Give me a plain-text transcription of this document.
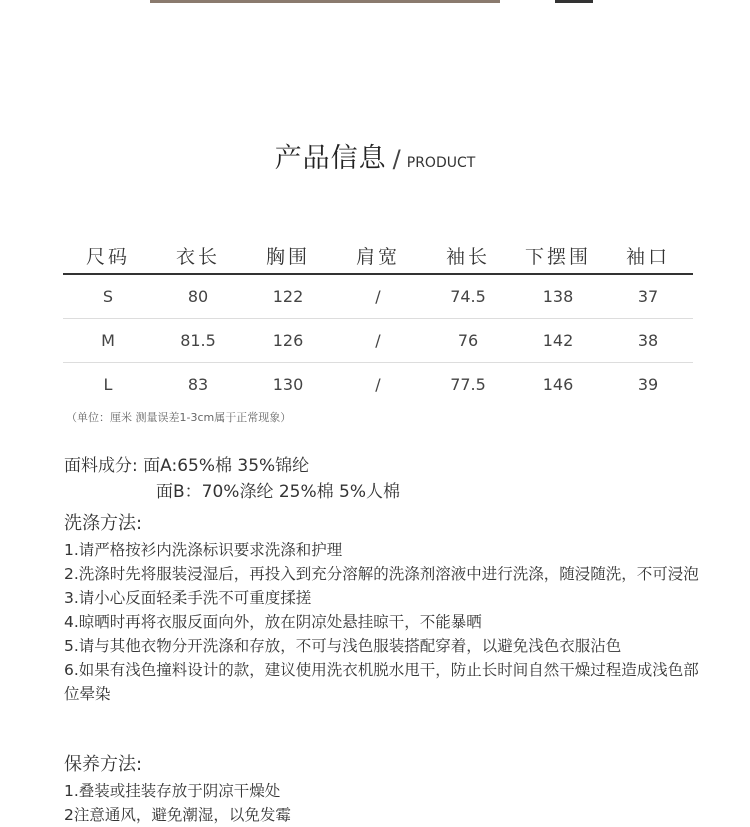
产品信息 / PRODUCT
尺码	衣长	胸围	肩宽	袖长	下摆围	袖口
S	80	122	/	74.5	138	37
M	81.5	126	/	76	142	38
L	83	130	/	77.5	146	39
（单位：厘米 测量误差1-3cm属于正常现象）
面料成分: 面A:65%棉 35%锦纶
面B：70%涤纶 25%棉 5%人棉
洗涤方法:
1.请严格按衫内洗涤标识要求洗涤和护理
2.洗涤时先将服装浸湿后，再投入到充分溶解的洗涤剂溶液中进行洗涤，随浸随洗，不可浸泡
3.请小心反面轻柔手洗不可重度揉搓
4.晾晒时再将衣服反面向外，放在阴凉处悬挂晾干，不能暴晒
5.请与其他衣物分开洗涤和存放，不可与浅色服装搭配穿着，以避免浅色衣服沾色
6.如果有浅色撞料设计的款，建议使用洗衣机脱水甩干，防止长时间自然干燥过程造成浅色部位晕染
保养方法:
1.叠装或挂装存放于阴凉干燥处
2注意通风，避免潮湿，以免发霉
